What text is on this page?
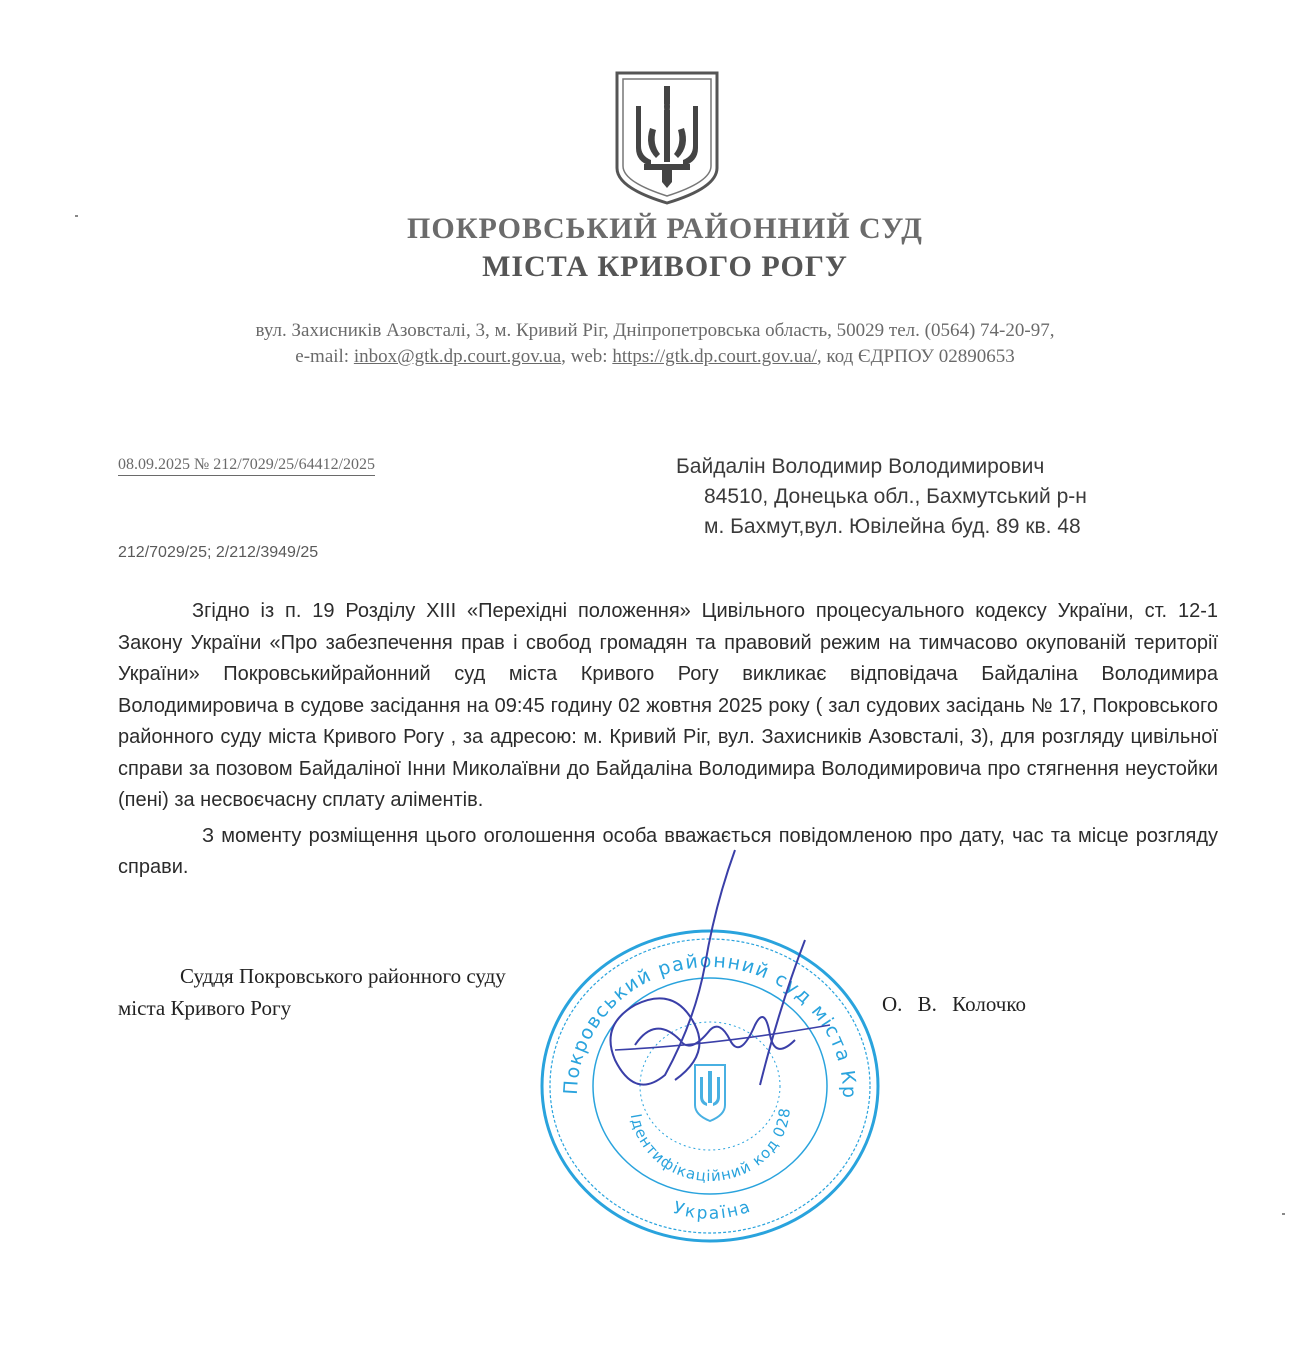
ПОКРОВСЬКИЙ РАЙОННИЙ СУД
МІСТА КРИВОГО РОГУ
вул. Захисників Азовсталі, 3, м. Кривий Ріг, Дніпропетровська область, 50029 тел. (0564) 74-20-97,
e-mail: inbox@gtk.dp.court.gov.ua, web: https://gtk.dp.court.gov.ua/, код ЄДРПОУ 02890653
08.09.2025 № 212/7029/25/64412/2025	Байдалін Володимир Володимирович
84510, Донецька обл., Бахмутський р-н
м. Бахмут,вул. Ювілейна буд. 89 кв. 48
212/7029/25; 2/212/3949/25

Згідно із п. 19 Розділу XIII «Перехідні положення» Цивільного процесуального кодексу України, ст. 12-1 Закону України «Про забезпечення прав і свобод громадян та правовий режим на тимчасово окупованій території України» Покровськийрайонний суд міста Кривого Рогу викликає відповідача Байдаліна Володимира Володимировича в судове засідання на 09:45 годину 02 жовтня 2025 року ( зал судових засідань № 17, Покровського районного суду міста Кривого Рогу , за адресою: м. Кривий Ріг, вул. Захисників Азовсталі, 3), для розгляду цивільної справи за позовом Байдаліної Інни Миколаївни до Байдаліна Володимира Володимировича про стягнення неустойки (пені) за несвоєчасну сплату аліментів.

З моменту розміщення цього оголошення особа вважається повідомленою про дату, час та місце розгляду справи.

Суддя Покровського районного суду
міста Кривого Рогу	О. В. Колочко
Покровський районний суд міста Кр
Ідентифікаційний код 028
Україна
